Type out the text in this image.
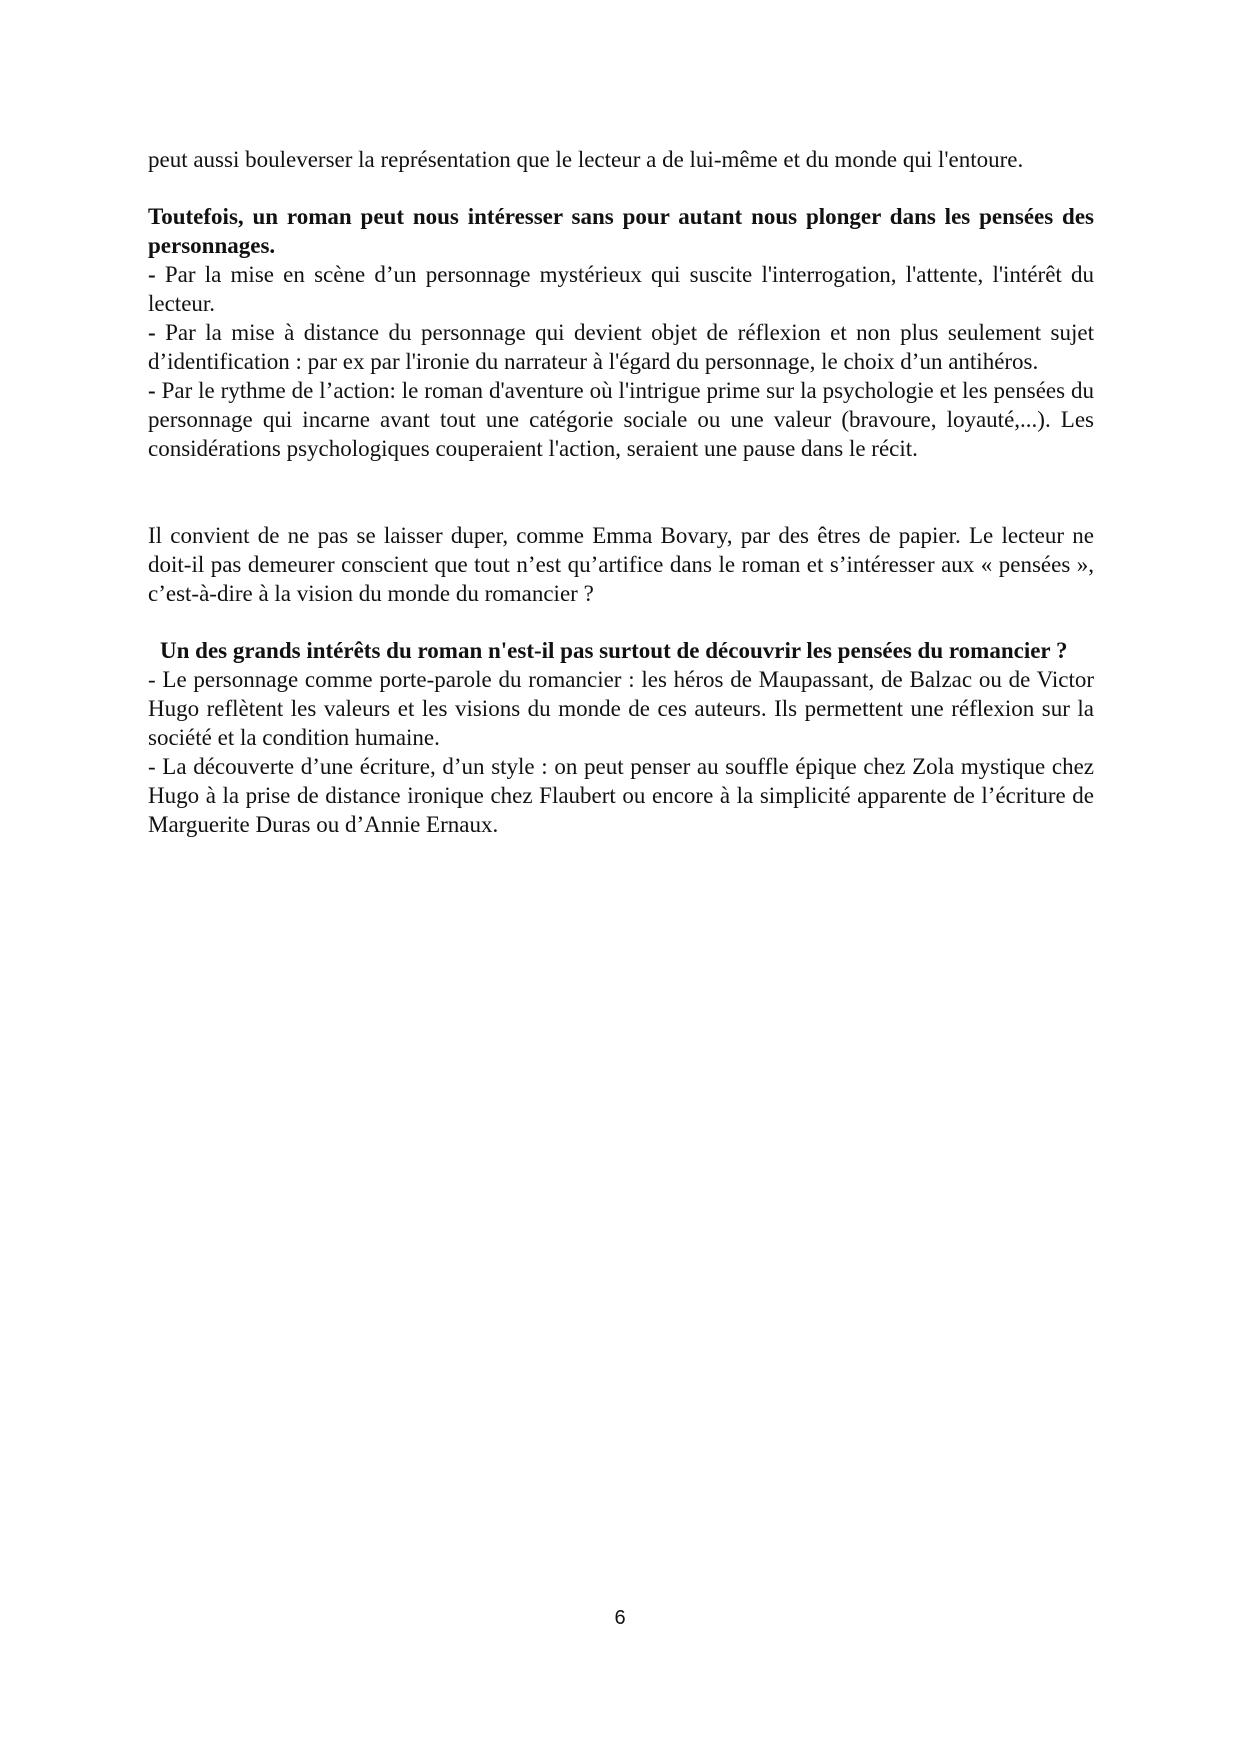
peut aussi bouleverser la représentation que le lecteur a de lui-même et du monde qui l'entoure.

Toutefois, un roman peut nous intéresser sans pour autant nous plonger dans les pensées des personnages.

- Par la mise en scène d’un personnage mystérieux qui suscite l'interrogation, l'attente, l'intérêt du lecteur.

- Par la mise à distance du personnage qui devient objet de réflexion et non plus seulement sujet d’identification : par ex par l'ironie du narrateur à l'égard du personnage, le choix d’un antihéros.

- Par le rythme de l’action: le roman d'aventure où l'intrigue prime sur la psychologie et les pensées du personnage qui incarne avant tout une catégorie sociale ou une valeur (bravoure, loyauté,...). Les considérations psychologiques couperaient l'action, seraient une pause dans le récit.

Il convient de ne pas se laisser duper, comme Emma Bovary, par des êtres de papier. Le lecteur ne doit-il pas demeurer conscient que tout n’est qu’artifice dans le roman et s’intéresser aux « pensées », c’est-à-dire à la vision du monde du romancier ?

Un des grands intérêts du roman n'est-il pas surtout de découvrir les pensées du romancier ?

- Le personnage comme porte-parole du romancier : les héros de Maupassant, de Balzac ou de Victor Hugo reflètent les valeurs et les visions du monde de ces auteurs. Ils permettent une réflexion sur la société et la condition humaine.

- La découverte d’une écriture, d’un style : on peut penser au souffle épique chez Zola mystique chez Hugo à la prise de distance ironique chez Flaubert ou encore à la simplicité apparente de l’écriture de Marguerite Duras ou d’Annie Ernaux.

6
